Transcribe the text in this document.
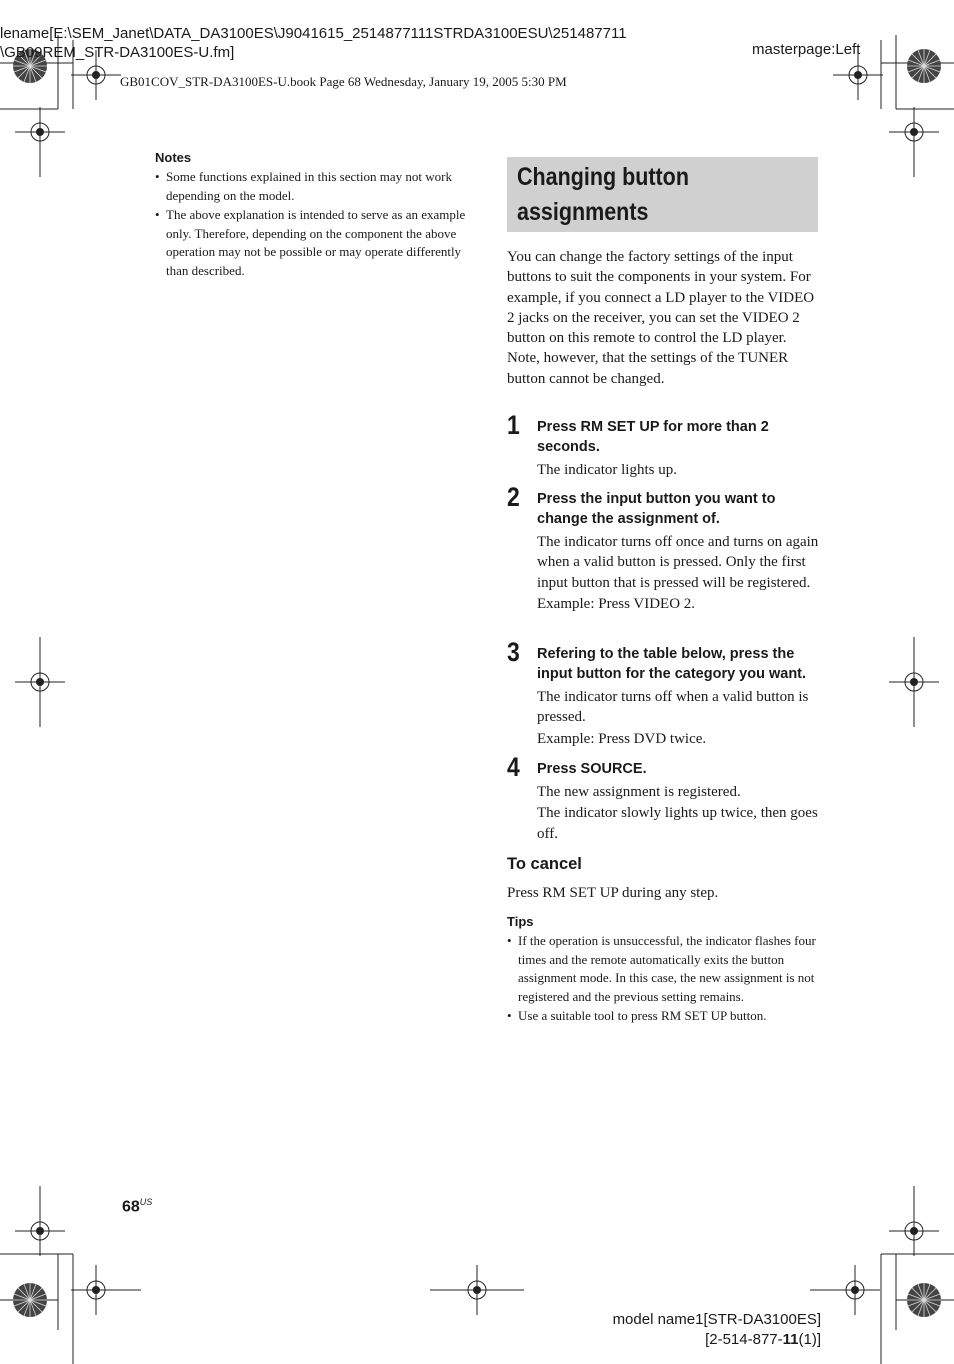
lename[E:\SEM_Janet\DATA_DA3100ES\J9041615_2514877111STRDA3100ESU\251487711
\GB09REM_STR-DA3100ES-U.fm]	masterpage:Left
GB01COV_STR-DA3100ES-U.book Page 68 Wednesday, January 19, 2005 5:30 PM
Notes
• Some functions explained in this section may not work depending on the model.
• The above explanation is intended to serve as an example only. Therefore, depending on the component the above operation may not be possible or may operate differently than described.
Changing button assignments

You can change the factory settings of the input buttons to suit the components in your system. For example, if you connect a LD player to the VIDEO 2 jacks on the receiver, you can set the VIDEO 2 button on this remote to control the LD player.

Note, however, that the settings of the TUNER button cannot be changed.

1 Press RM SET UP for more than 2 seconds.

The indicator lights up.

2 Press the input button you want to change the assignment of.

The indicator turns off once and turns on again when a valid button is pressed. Only the first input button that is pressed will be registered.

Example: Press VIDEO 2.

3 Refering to the table below, press the input button for the category you want.

The indicator turns off when a valid button is pressed.

Example: Press DVD twice.

4 Press SOURCE.

The new assignment is registered.

The indicator slowly lights up twice, then goes off.

To cancel
Press RM SET UP during any step.
Tips
• If the operation is unsuccessful, the indicator flashes four times and the remote automatically exits the button assignment mode. In this case, the new assignment is not registered and the previous setting remains.
• Use a suitable tool to press RM SET UP button.
$68^{US}$
model name1[STR-DA3100ES]
[2-514-877-11(1)]
